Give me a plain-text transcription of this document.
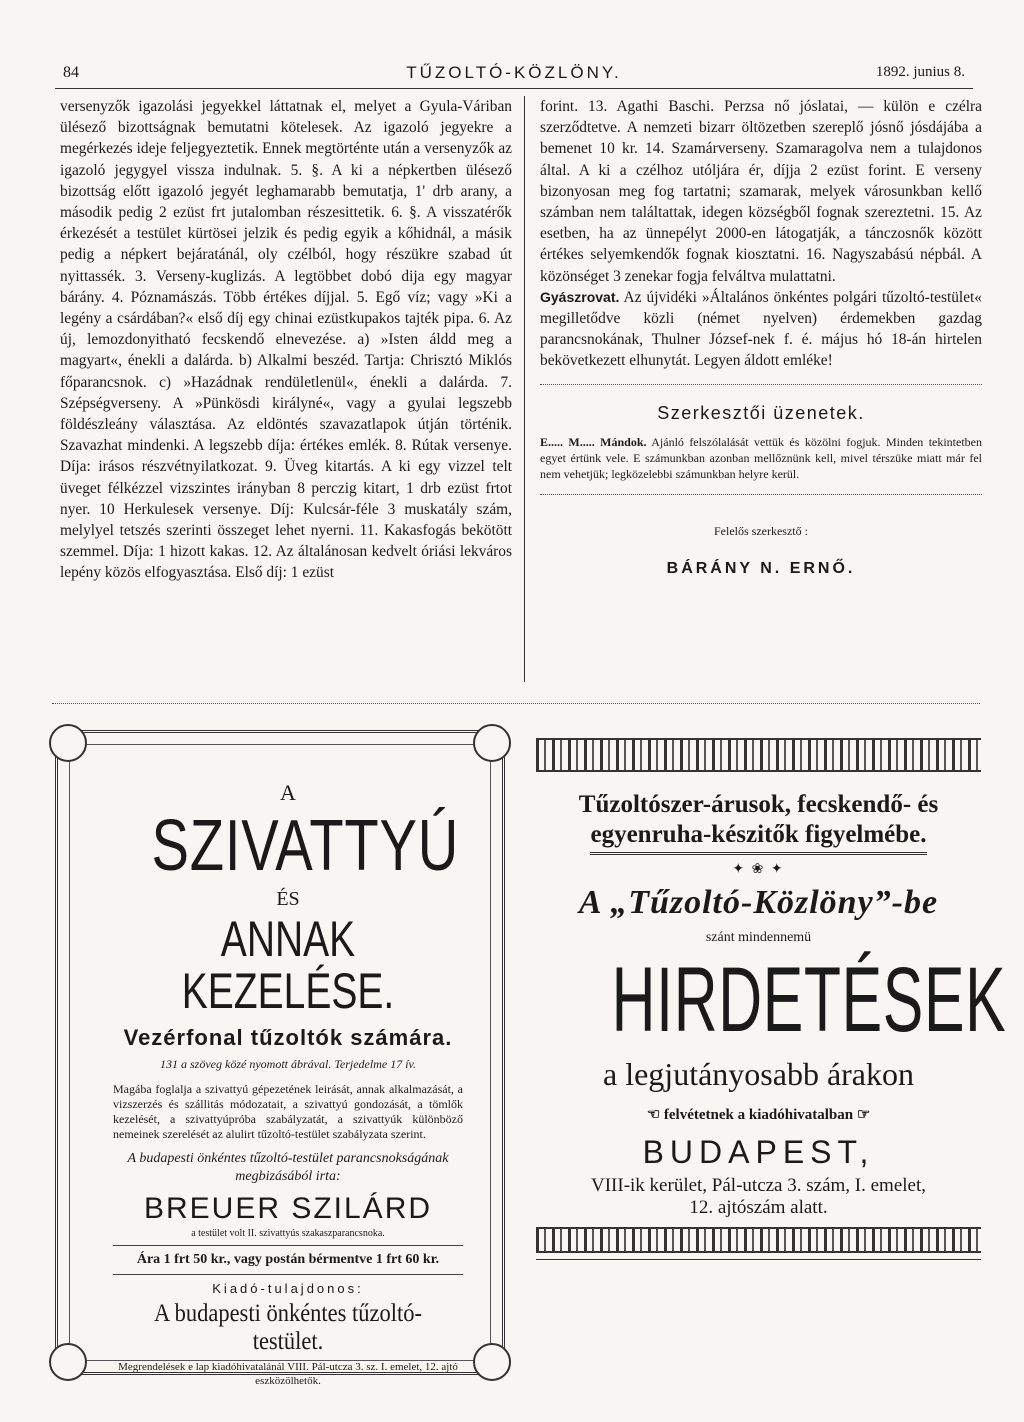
84	TŰZOLTÓ-KÖZLÖNY.	1892. junius 8.

versenyzők igazolási jegyekkel láttatnak el, melyet a Gyula-Váriban ülésező bizottságnak bemutatni kötelesek. Az igazoló jegyekre a megérkezés ideje feljegyeztetik. Ennek megtörténte után a versenyzők az igazoló jegygyel vissza indulnak. 5. §. A ki a népkertben ülésező bizottság előtt igazoló jegyét leghamarabb bemutatja, 1' drb arany, a második pedig 2 ezüst frt jutalomban részesittetik. 6. §. A visszatérők érkezését a testület kürtösei jelzik és pedig egyik a kőhidnál, a másik pedig a népkert bejáratánál, oly czélból, hogy részükre szabad út nyittassék. 3. Verseny-kuglizás. A legtöbbet dobó dija egy magyar bárány. 4. Póznamászás. Több értékes díjjal. 5. Egő víz; vagy »Ki a legény a csárdában?« első díj egy chinai ezüstkupakos tajték pipa. 6. Az új, lemozdonyitható fecskendő elnevezése. a) »Isten áldd meg a magyart«, énekli a dalárda. b) Alkalmi beszéd. Tartja: Chrisztó Miklós főparancsnok. c) »Hazádnak rendületlenül«, énekli a dalárda. 7. Szépségverseny. A »Pünkösdi királyné«, vagy a gyulai legszebb földészleány választása. Az eldöntés szavazatlapok útján történik. Szavazhat mindenki. A legszebb díja: értékes emlék. 8. Rútak versenye. Díja: irásos részvétnyilatkozat. 9. Üveg kitartás. A ki egy vizzel telt üveget félkézzel vizszintes irányban 8 perczig kitart, 1 drb ezüst frtot nyer. 10 Herkulesek versenye. Díj: Kulcsár-féle 3 muskatály szám, melylyel tetszés szerinti összeget lehet nyerni. 11. Kakasfogás bekötött szemmel. Díja: 1 hizott kakas. 12. Az általánosan kedvelt óriási lekváros lepény közös elfogyasztása. Első díj: 1 ezüst

forint. 13. Agathi Baschi. Perzsa nő jóslatai, — külön e czélra szerződtetve. A nemzeti bizarr öltözetben szereplő jósnő jósdájába a bemenet 10 kr. 14. Szamárverseny. Szamaragolva nem a tulajdonos által. A ki a czélhoz utóljára ér, díjja 2 ezüst forint. E verseny bizonyosan meg fog tartatni; szamarak, melyek városunkban kellő számban nem találtattak, idegen községből fognak szereztetni. 15. Az esetben, ha az ünnepélyt 2000-en látogatják, a tánczosnők között értékes selyemkendők fognak kiosztatni. 16. Nagyszabású népbál. A közönséget 3 zenekar fogja felváltva mulattatni.

Gyászrovat. Az újvidéki »Általános önkéntes polgári tűzoltó-testület« megilletődve közli (német nyelven) érdemekben gazdag parancsnokának, Thulner József-nek f. é. május hó 18-án hirtelen bekövetkezett elhunytát. Legyen áldott emléke!

Szerkesztői üzenetek.

E..... M..... Mándok. Ajánló felszólalását vettük és közölni fogjuk. Minden tekintetben egyet értünk vele. E számunkban azonban mellőznünk kell, mivel térszüke miatt már fel nem vehetjük; legközelebbi számunkban helyre kerül.

Felelős szerkesztő :
BÁRÁNY N. ERNŐ.
A
SZIVATTYÚ
ÉS
ANNAK KEZELÉSE.
Vezérfonal tűzoltók számára.
131 a szöveg közé nyomott ábrával. Terjedelme 17 ív.
Magába foglalja a szivattyú gépezetének leirását, annak alkalmazását, a vizszerzés és szállitás módozatait, a szivattyú gondozását, a tömlők kezelését, a szivattyúpróba szabályzatát, a szivattyúk különböző nemeinek szerelését az alulirt tűzoltó-testület szabályzata szerint.
A budapesti önkéntes tűzoltó-testület parancsnokságának megbizásából irta:
BREUER SZILÁRD
a testület volt II. szivattyús szakaszparancsnoka.
Ára 1 frt 50 kr., vagy postán bérmentve 1 frt 60 kr.
Kiadó-tulajdonos:
A budapesti önkéntes tűzoltó-testület.
Megrendelések e lap kiadóhivatalánál VIII. Pál-utcza 3. sz. I. emelet, 12. ajtó eszközölhetők.
Tűzoltószer-árusok, fecskendő- és
egyenruha-készitők figyelmébe.
✦ ❀ ✦
A „Tűzoltó-Közlöny”-be
szánt mindennemü
HIRDETÉSEK
a legjutányosabb árakon
☜ felvétetnek a kiadóhivatalban ☞
BUDAPEST,
VIII-ik kerület, Pál-utcza 3. szám, I. emelet,
12. ajtószám alatt.
